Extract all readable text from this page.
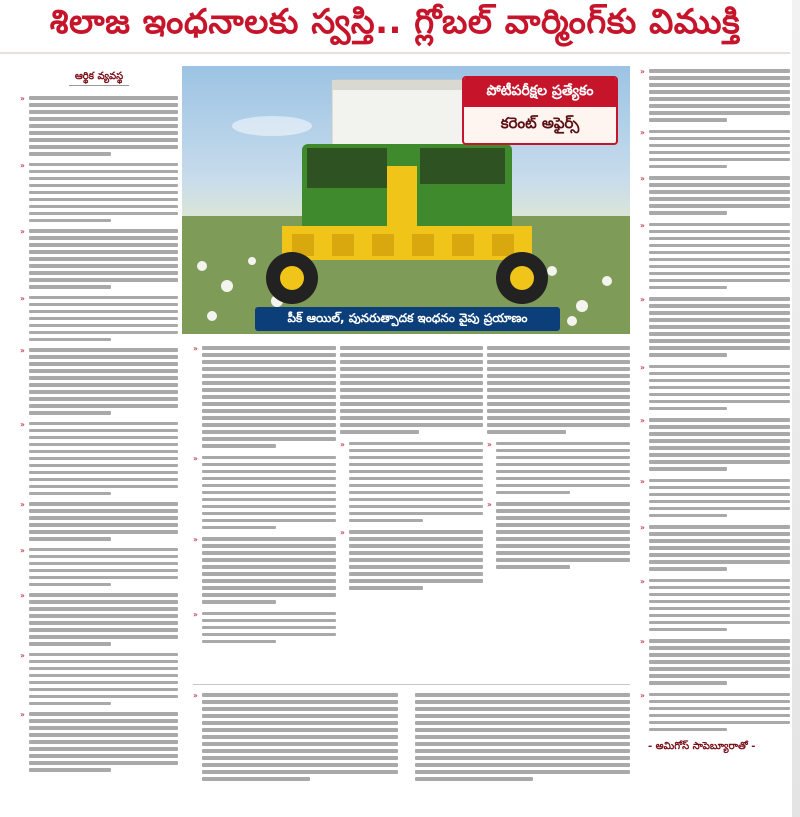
శిలాజ ఇంధనాలకు స్వస్తి.. గ్లోబల్ వార్మింగ్‌కు విముక్తి
ఆర్థిక వ్యవస్థ
»
»
»
»
»
»
»
»
»
»
»
పోటీపరీక్షల ప్రత్యేకం
కరెంట్ అఫైర్స్
పీక్ ఆయిల్, పునరుత్పాదక ఇంధనం వైపు ప్రయాణం
»
»
»
»
»
»
»
»
»
»
»
»
»
»
»
»
»
»
»
»
»
- అమిగోస్ సాపెబ్యూరాతో -
